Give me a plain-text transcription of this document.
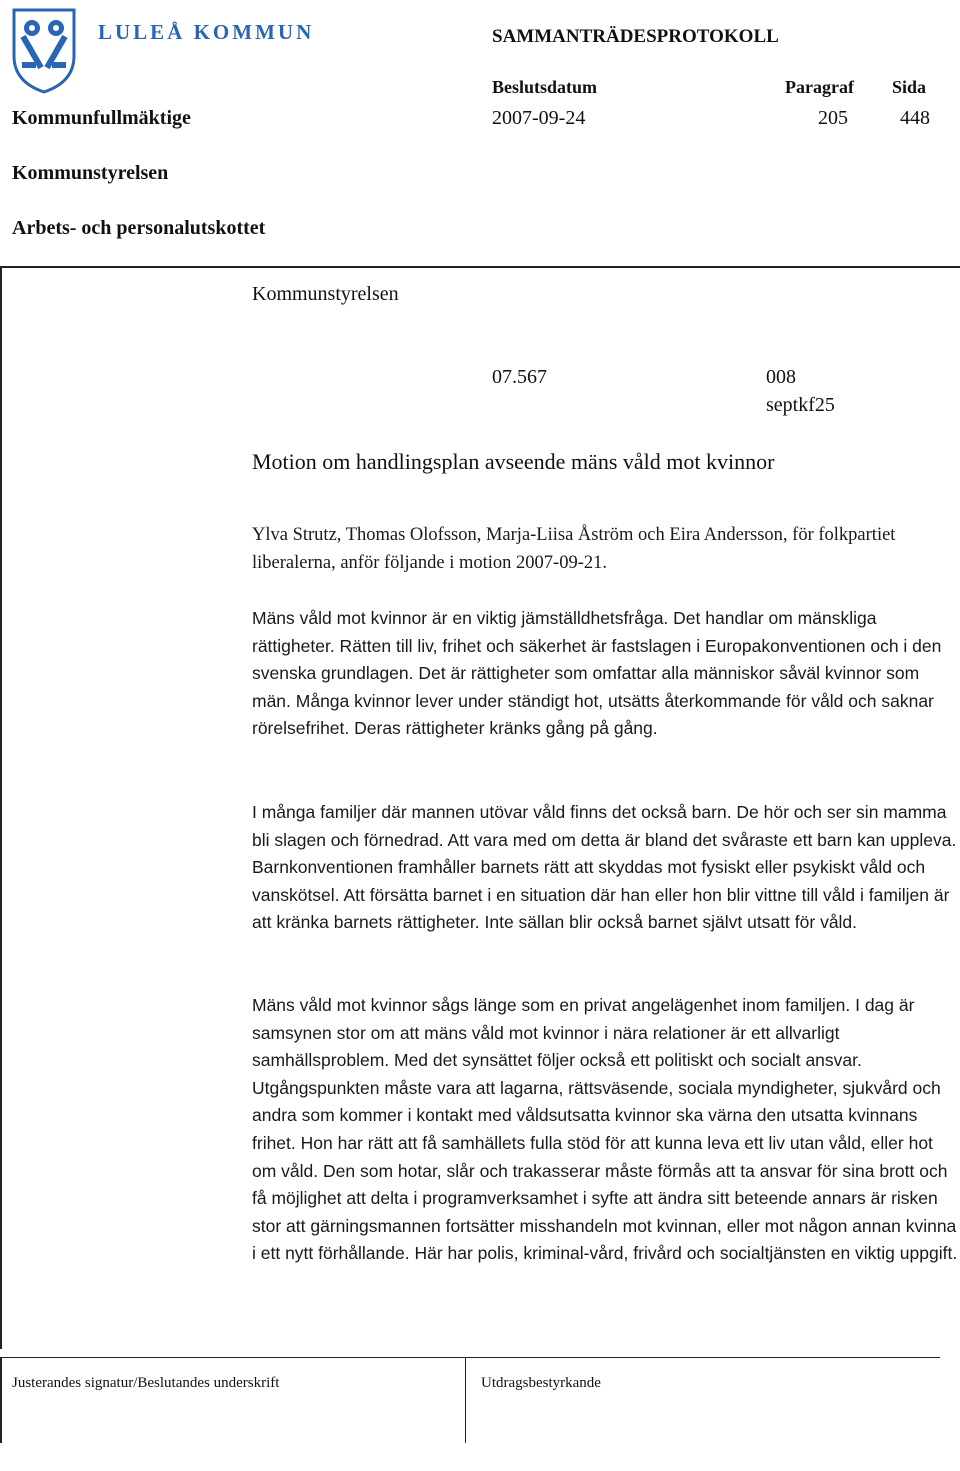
LULEÅ KOMMUN	SAMMANTRÄDESPROTOKOLL
Beslutsdatum	Paragraf Sida
Kommunfullmäktige	2007-09-24	205	448
Kommunstyrelsen
Arbets- och personalutskottet
Kommunstyrelsen
07.567	008
septkf25
Motion om handlingsplan avseende mäns våld mot kvinnor
Ylva Strutz, Thomas Olofsson, Marja-Liisa Åström och Eira Andersson, för folkpartiet liberalerna, anför följande i motion 2007-09-21.
Mäns våld mot kvinnor är en viktig jämställdhetsfråga. Det handlar om mänskliga rättigheter. Rätten till liv, frihet och säkerhet är fastslagen i Europakonventionen och i den svenska grundlagen. Det är rättigheter som omfattar alla människor såväl kvinnor som män. Många kvinnor lever under ständigt hot, utsätts återkommande för våld och saknar rörelsefrihet. Deras rättigheter kränks gång på gång.
I många familjer där mannen utövar våld finns det också barn. De hör och ser sin mamma bli slagen och förnedrad. Att vara med om detta är bland det svåraste ett barn kan uppleva. Barnkonventionen framhåller barnets rätt att skyddas mot fysiskt eller psykiskt våld och vanskötsel. Att försätta barnet i en situation där han eller hon blir vittne till våld i familjen är att kränka barnets rättigheter. Inte sällan blir också barnet självt utsatt för våld.
Mäns våld mot kvinnor sågs länge som en privat angelägenhet inom familjen. I dag är samsynen stor om att mäns våld mot kvinnor i nära relationer är ett allvarligt samhällsproblem. Med det synsättet följer också ett politiskt och socialt ansvar. Utgångspunkten måste vara att lagarna, rättsväsende, sociala myndigheter, sjukvård och andra som kommer i kontakt med våldsutsatta kvinnor ska värna den utsatta kvinnans frihet. Hon har rätt att få samhällets fulla stöd för att kunna leva ett liv utan våld, eller hot om våld. Den som hotar, slår och trakasserar måste förmås att ta ansvar för sina brott och få möjlighet att delta i programverksamhet i syfte att ändra sitt beteende annars är risken stor att gärningsmannen fortsätter misshandeln mot kvinnan, eller mot någon annan kvinna i ett nytt förhållande. Här har polis, kriminal-vård, frivård och socialtjänsten en viktig uppgift.
Justerandes signatur/Beslutandes underskrift	Utdragsbestyrkande
